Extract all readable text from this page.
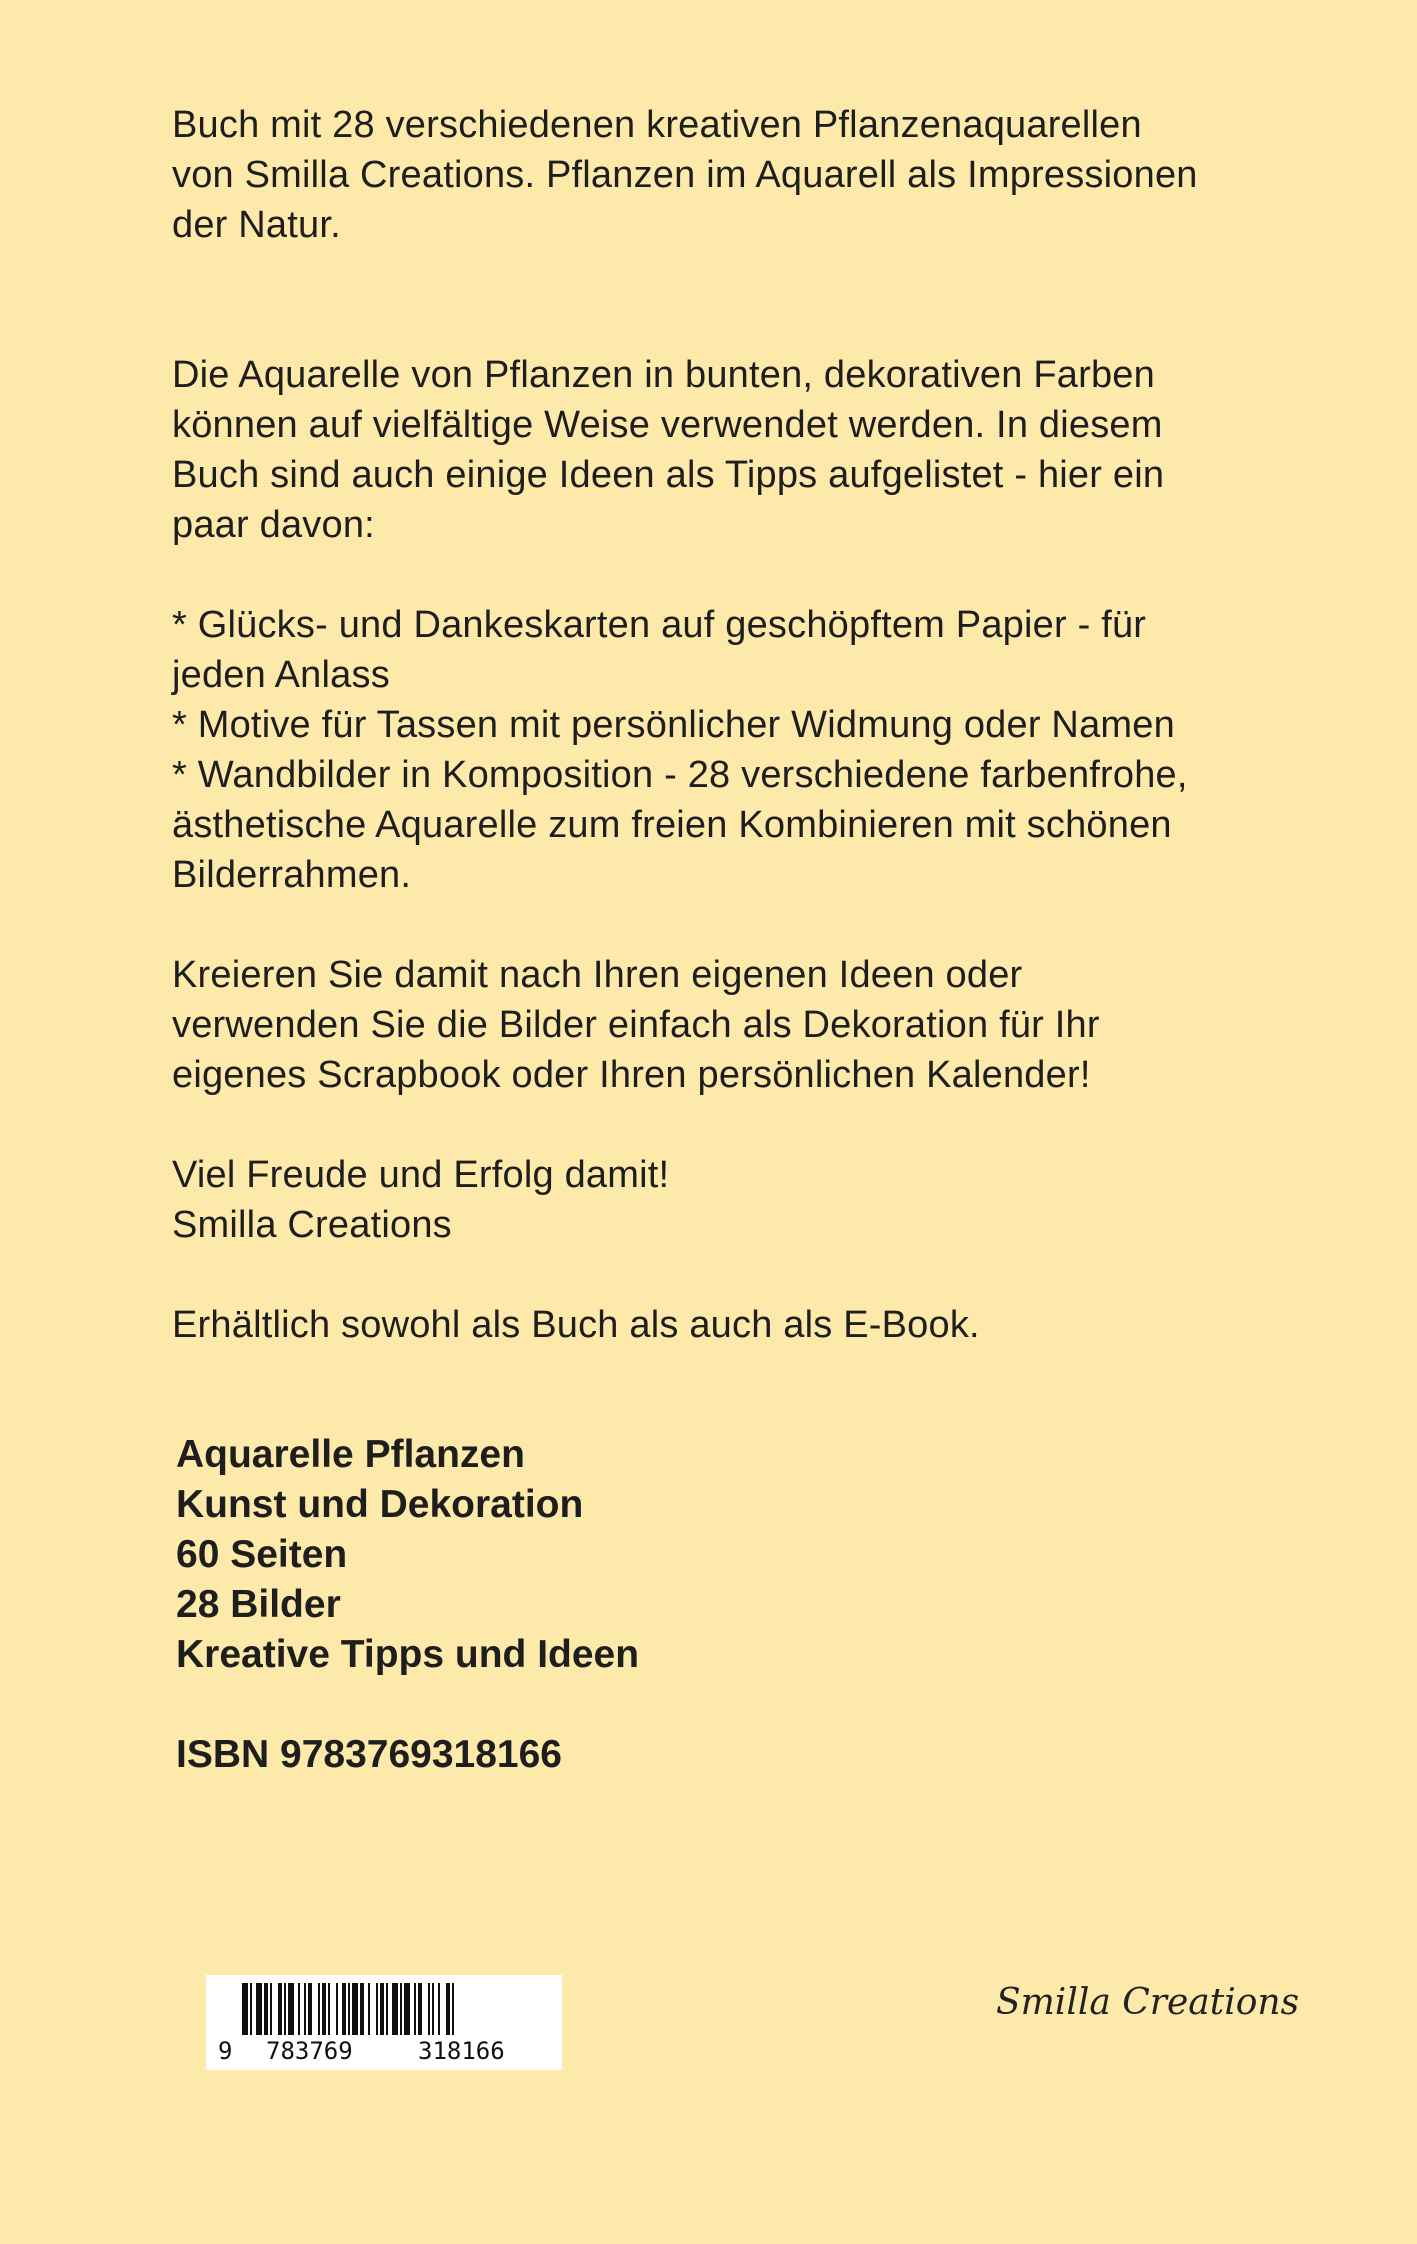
Buch mit 28 verschiedenen kreativen Pflanzenaquarellen
von Smilla Creations. Pflanzen im Aquarell als Impressionen
der Natur.

Die Aquarelle von Pflanzen in bunten, dekorativen Farben
können auf vielfältige Weise verwendet werden. In diesem
Buch sind auch einige Ideen als Tipps aufgelistet - hier ein
paar davon:

* Glücks- und Dankeskarten auf geschöpftem Papier - für
jeden Anlass

* Motive für Tassen mit persönlicher Widmung oder Namen

* Wandbilder in Komposition - 28 verschiedene farbenfrohe,
ästhetische Aquarelle zum freien Kombinieren mit schönen
Bilderrahmen.

Kreieren Sie damit nach Ihren eigenen Ideen oder
verwenden Sie die Bilder einfach als Dekoration für Ihr
eigenes Scrapbook oder Ihren persönlichen Kalender!

Viel Freude und Erfolg damit!

Smilla Creations

Erhältlich sowohl als Buch als auch als E-Book.

Aquarelle Pflanzen
Kunst und Dekoration
60 Seiten
28 Bilder
Kreative Tipps und Ideen
ISBN 9783769318166
9 783769	318166
Smilla Creations
